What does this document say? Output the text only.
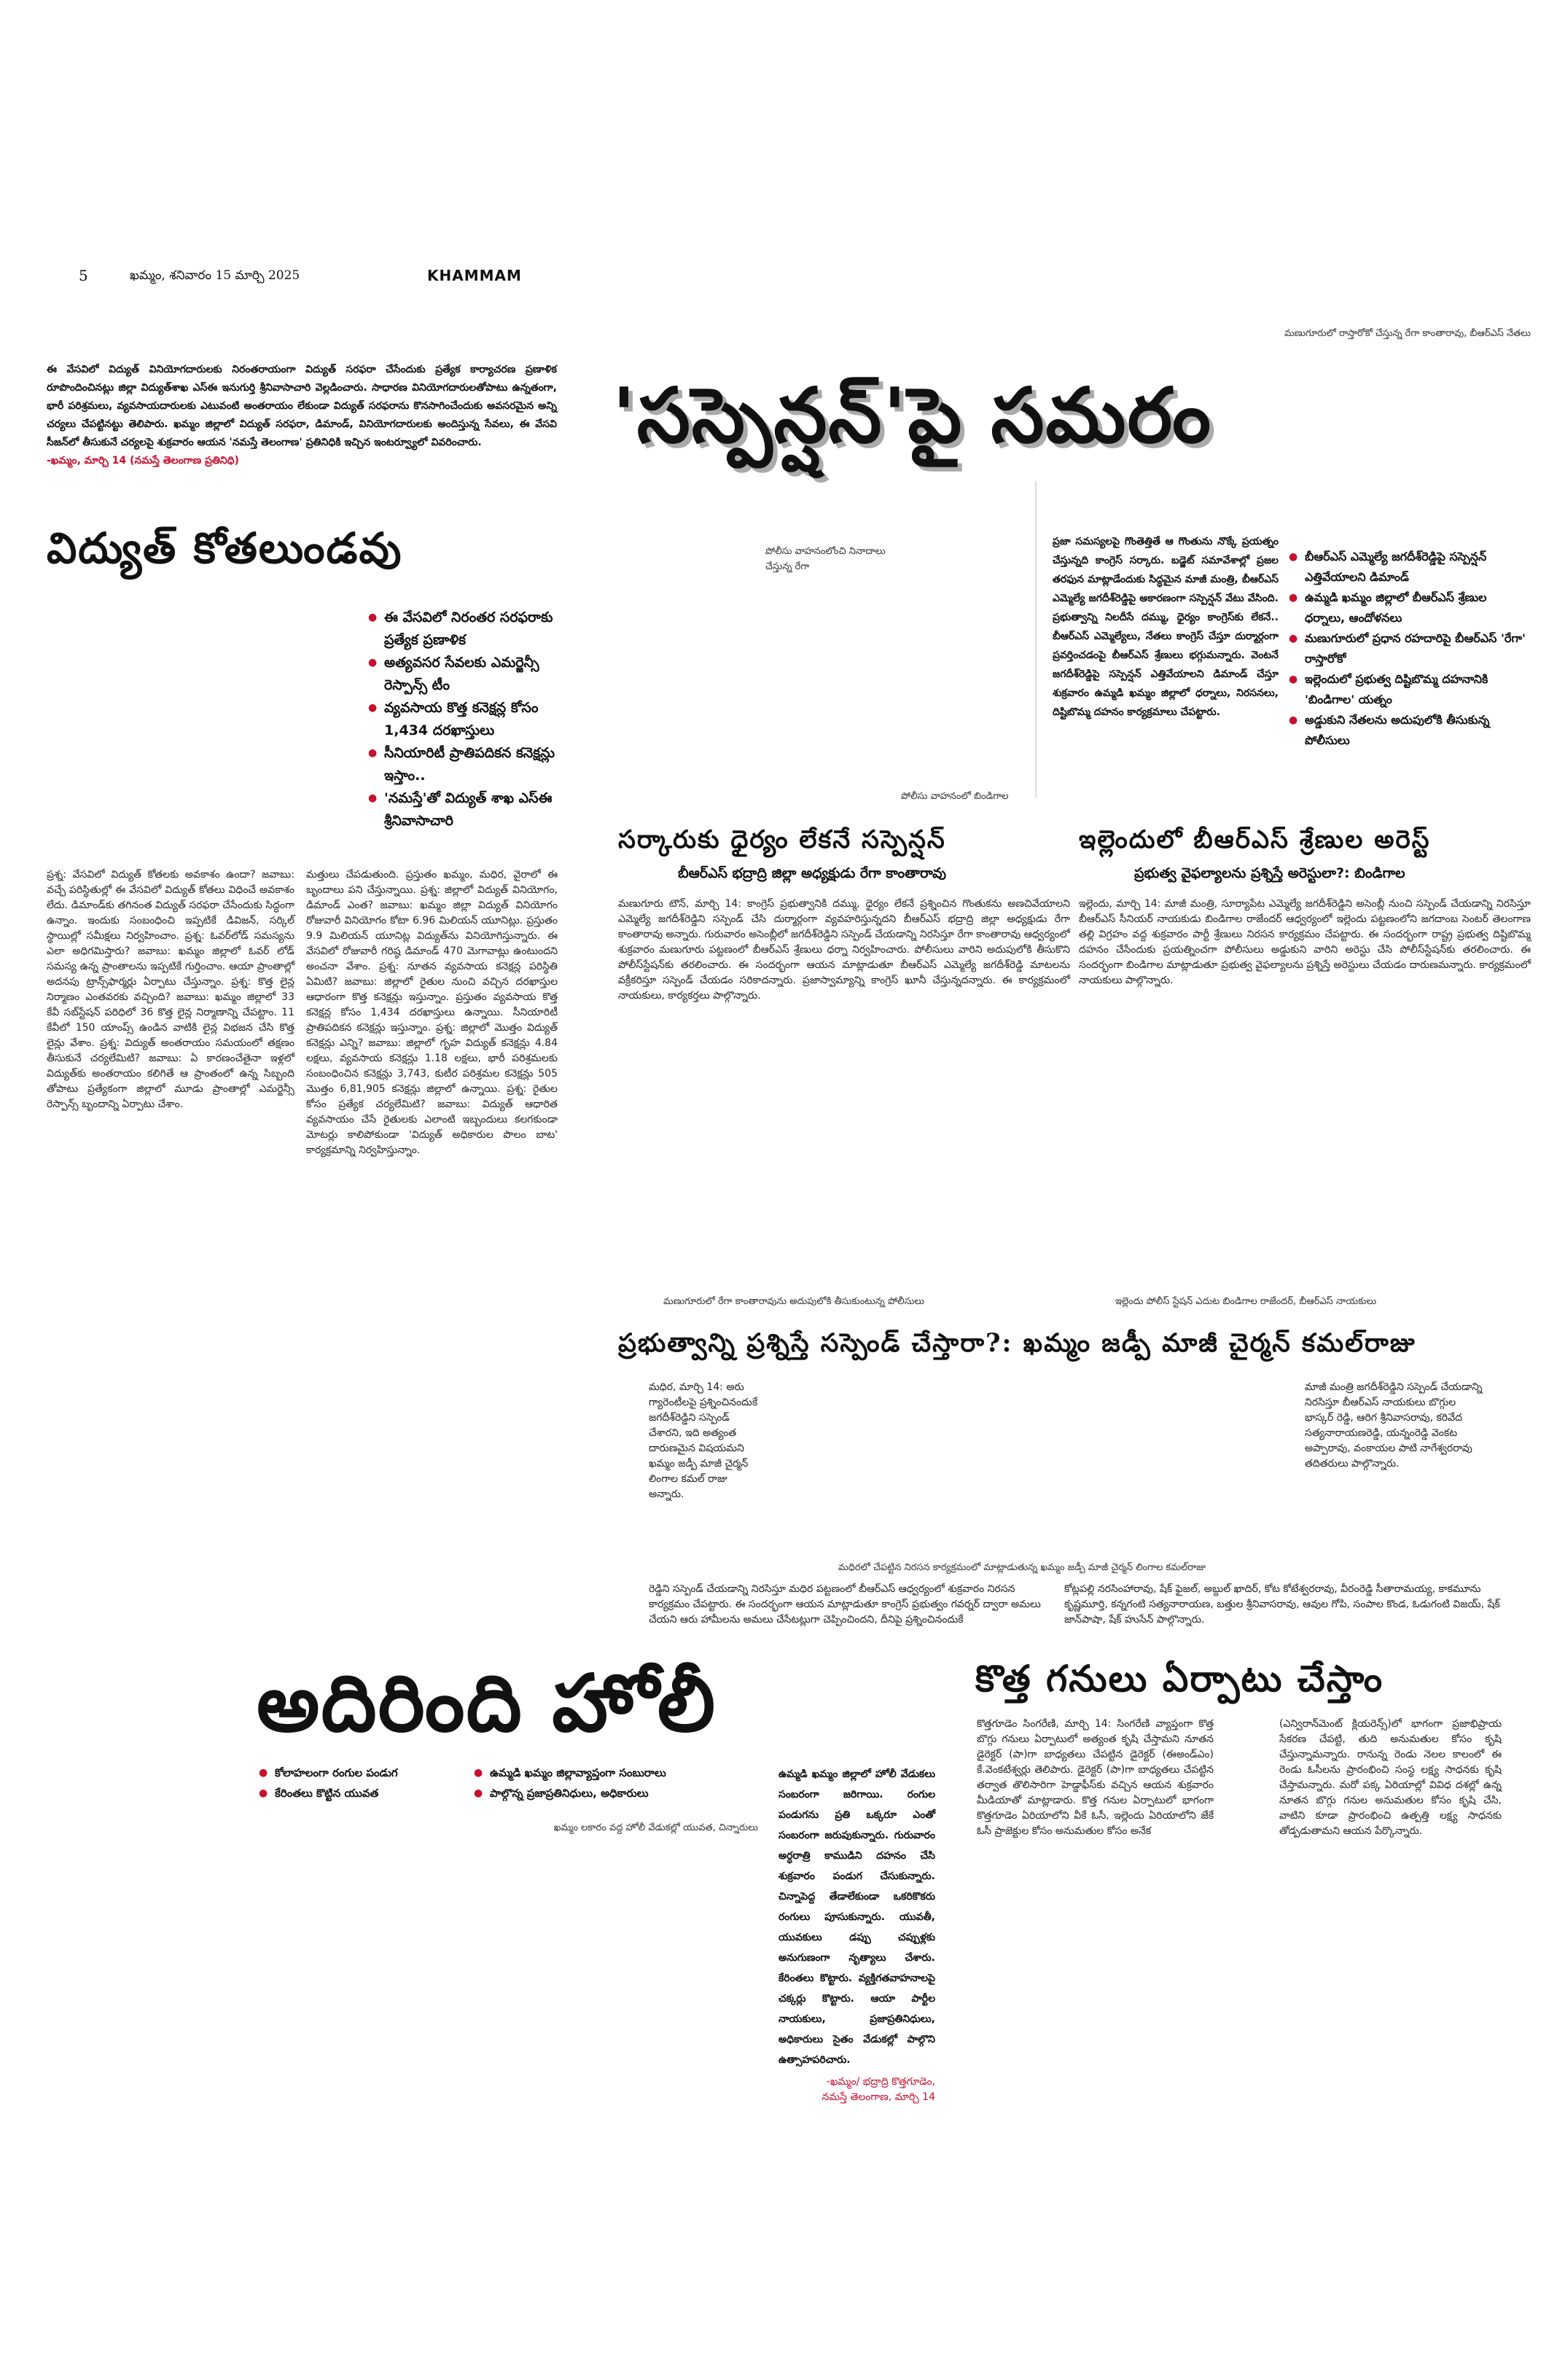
5	ఖమ్మం, శనివారం 15 మార్చి 2025	KHAMMAM

ఈ వేసవిలో విద్యుత్ వినియోగదారులకు నిరంతరాయంగా విద్యుత్ సరఫరా చేసేందుకు ప్రత్యేక కార్యాచరణ ప్రణాళిక రూపొందించినట్లు జిల్లా విద్యుత్‌శాఖ ఎస్ఈ ఇనుగుర్తి శ్రీనివాసాచారి వెల్లడించారు. సాధారణ వినియోగదారులతోపాటు ఉన్నతంగా, భారీ పరిశ్రమలు, వ్యవసాయదారులకు ఎటువంటి అంతరాయం లేకుండా విద్యుత్ సరఫరాను కొనసాగించేందుకు అవసరమైన అన్ని చర్యలు చేపట్టినట్టు తెలిపారు. ఖమ్మం జిల్లాలో విద్యుత్ సరఫరా, డిమాండ్, వినియోగదారులకు అందిస్తున్న సేవలు, ఈ వేసవి సీజన్‌లో తీసుకునే చర్యలపై శుక్రవారం ఆయన 'నమస్తే తెలంగాణ' ప్రతినిధికి ఇచ్చిన ఇంటర్వ్యూలో వివరించారు.

-ఖమ్మం, మార్చి 14 (నమస్తే తెలంగాణ ప్రతినిధి)

విద్యుత్ కోతలుండవు
● ఈ వేసవిలో నిరంతర సరఫరాకు ప్రత్యేక ప్రణాళిక
● అత్యవసర సేవలకు ఎమర్జెన్సీ రెస్పాన్స్ టీం
● వ్యవసాయ కొత్త కనెక్షన్ల కోసం 1,434 దరఖాస్తులు
● సీనియారిటీ ప్రాతిపదికన కనెక్షన్లు ఇస్తాం..
● 'నమస్తే'తో విద్యుత్ శాఖ ఎస్ఈ శ్రీనివాసాచారి

ప్రశ్న: వేసవిలో విద్యుత్ కోతలకు అవకాశం ఉందా? జవాబు: వచ్చే పరిస్థితుల్లో ఈ వేసవిలో విద్యుత్ కోతలు విధించే అవకాశం లేదు. డిమాండ్‌కు తగినంత విద్యుత్ సరఫరా చేసేందుకు సిద్ధంగా ఉన్నాం. ఇందుకు సంబంధించి ఇప్పటికే డివిజన్, సర్కిల్ స్థాయిల్లో సమీక్షలు నిర్వహించాం. ప్రశ్న: ఓవర్‌లోడ్ సమస్యను ఎలా అధిగమిస్తారు? జవాబు: ఖమ్మం జిల్లాలో ఓవర్ లోడ్ సమస్య ఉన్న ప్రాంతాలను ఇప్పటికే గుర్తించాం. ఆయా ప్రాంతాల్లో అదనపు ట్రాన్స్‌ఫార్మర్లు ఏర్పాటు చేస్తున్నాం. ప్రశ్న: కొత్త లైన్ల నిర్మాణం ఎంతవరకు వచ్చింది? జవాబు: ఖమ్మం జిల్లాలో 33 కేవీ సబ్‌స్టేషన్ పరిధిలో 36 కొత్త లైన్ల నిర్మాణాన్ని చేపట్టాం. 11 కేవీలో 150 యాంప్స్ ఉండిన వాటికి లైన్ల విభజన చేసి కొత్త లైన్లు వేశాం. ప్రశ్న: విద్యుత్ అంతరాయం సమయంలో తక్షణం తీసుకునే చర్యలేమిటి? జవాబు: ఏ కారణంచేతైనా ఇళ్లలో విద్యుత్‌కు అంతరాయం కలిగితే ఆ ప్రాంతంలో ఉన్న సిబ్బంది తోపాటు ప్రత్యేకంగా జిల్లాలో మూడు ప్రాంతాల్లో ఎమర్జెన్సీ రెస్పాన్స్ బృందాన్ని ఏర్పాటు చేశాం.

మత్తులు చేపడుతుంది. ప్రస్తుతం ఖమ్మం, మధిర, వైరాలో ఈ బృందాలు పని చేస్తున్నాయి. ప్రశ్న: జిల్లాలో విద్యుత్ వినియోగం, డిమాండ్ ఎంత? జవాబు: ఖమ్మం జిల్లా విద్యుత్ వినియోగం రోజువారీ వినియోగం కోటా 6.96 మిలియన్ యూనిట్లు. ప్రస్తుతం 9.9 మిలియన్ యూనిట్ల విద్యుత్‌ను వినియోగిస్తున్నారు. ఈ వేసవిలో రోజువారీ గరిష్ఠ డిమాండ్ 470 మెగావాట్లు ఉంటుందని అంచనా వేశాం. ప్రశ్న: నూతన వ్యవసాయ కనెక్షన్ల పరిస్థితి ఏమిటి? జవాబు: జిల్లాలో రైతుల నుంచి వచ్చిన దరఖాస్తుల ఆధారంగా కొత్త కనెక్షన్లు ఇస్తున్నాం. ప్రస్తుతం వ్యవసాయ కొత్త కనెక్షన్ల కోసం 1,434 దరఖాస్తులు ఉన్నాయి. సీనియారిటీ ప్రాతిపదికన కనెక్షన్లు ఇస్తున్నాం. ప్రశ్న: జిల్లాలో మొత్తం విద్యుత్ కనెక్షన్లు ఎన్ని? జవాబు: జిల్లాలో గృహ విద్యుత్ కనెక్షన్లు 4.84 లక్షలు, వ్యవసాయ కనెక్షన్లు 1.18 లక్షలు, భారీ పరిశ్రమలకు సంబంధించిన కనెక్షన్లు 3,743, కుటీర పరిశ్రమల కనెక్షన్లు 505 మొత్తం 6,81,905 కనెక్షన్లు జిల్లాలో ఉన్నాయి. ప్రశ్న: రైతుల కోసం ప్రత్యేక చర్యలేమిటి? జవాబు: విద్యుత్ ఆధారిత వ్యవసాయం చేసే రైతులకు ఎలాంటి ఇబ్బందులు కలగకుండా మోటర్లు కాలిపోకుండా 'విద్యుత్ అధికారుల పొలం బాట' కార్యక్రమాన్ని నిర్వహిస్తున్నాం.

మణుగూరులో రాస్తారోకో చేస్తున్న రేగా కాంతారావు, బీఆర్ఎస్ నేతలు
'సస్పెన్షన్'పై సమరం
పోలీసు వాహనంలోంచి నినాదాలు చేస్తున్న రేగా
పోలీసు వాహనంలో బిండిగాల

ప్రజా సమస్యలపై గొంతెత్తితే ఆ గొంతును నొక్కే ప్రయత్నం చేస్తున్నది కాంగ్రెస్ సర్కారు. బడ్జెట్ సమావేశాల్లో ప్రజల తరఫున మాట్లాడేందుకు సిద్ధమైన మాజీ మంత్రి, బీఆర్ఎస్ ఎమ్మెల్యే జగదీశ్‌రెడ్డిపై అకారణంగా సస్పెన్షన్ వేటు వేసింది. ప్రభుత్వాన్ని నిలదీసే దమ్ము, ధైర్యం కాంగ్రెస్‌కు లేకనే.. బీఆర్ఎస్ ఎమ్మెల్యేలు, నేతలు కాంగ్రెస్ చేస్తూ దుర్మార్గంగా ప్రవర్తించడంపై బీఆర్ఎస్ శ్రేణులు భగ్గుమన్నారు. వెంటనే జగదీశ్‌రెడ్డిపై సస్పెన్షన్ ఎత్తివేయాలని డిమాండ్ చేస్తూ శుక్రవారం ఉమ్మడి ఖమ్మం జిల్లాలో ధర్నాలు, నిరసనలు, దిష్టిబొమ్మ దహనం కార్యక్రమాలు చేపట్టారు.

● బీఆర్ఎస్ ఎమ్మెల్యే జగదీశ్‌రెడ్డిపై సస్పెన్షన్ ఎత్తివేయాలని డిమాండ్
● ఉమ్మడి ఖమ్మం జిల్లాలో బీఆర్ఎస్ శ్రేణుల ధర్నాలు, ఆందోళనలు
● మణుగూరులో ప్రధాన రహదారిపై బీఆర్ఎస్ 'రేగా' రాస్తారోకో
● ఇల్లెందులో ప్రభుత్వ దిష్టిబొమ్మ దహనానికి 'బిండిగాల' యత్నం
● అడ్డుకుని నేతలను అదుపులోకి తీసుకున్న పోలీసులు
సర్కారుకు ధైర్యం లేకనే సస్పెన్షన్
బీఆర్ఎస్ భద్రాద్రి జిల్లా అధ్యక్షుడు రేగా కాంతారావు

మణుగూరు టౌన్, మార్చి 14: కాంగ్రెస్ ప్రభుత్వానికి దమ్ము, ధైర్యం లేకనే ప్రశ్నించిన గొంతుకను అణచివేయాలని ఎమ్మెల్యే జగదీశ్‌రెడ్డిని సస్పెండ్ చేసి దుర్మార్గంగా వ్యవహరిస్తున్నదని బీఆర్ఎస్ భద్రాద్రి జిల్లా అధ్యక్షుడు రేగా కాంతారావు అన్నారు. గురువారం అసెంబ్లీలో జగదీశ్‌రెడ్డిని సస్పెండ్ చేయడాన్ని నిరసిస్తూ రేగా కాంతారావు ఆధ్వర్యంలో శుక్రవారం మణుగూరు పట్టణంలో బీఆర్ఎస్ శ్రేణులు ధర్నా నిర్వహించారు. పోలీసులు వారిని అదుపులోకి తీసుకొని పోలీస్‌స్టేషన్‌కు తరలించారు. ఈ సందర్భంగా ఆయన మాట్లాడుతూ బీఆర్ఎస్ ఎమ్మెల్యే జగదీశ్‌రెడ్డి మాటలను వక్రీకరిస్తూ సస్పెండ్ చేయడం సరికాదన్నారు. ప్రజాస్వామ్యాన్ని కాంగ్రెస్ ఖూనీ చేస్తున్నదన్నారు. ఈ కార్యక్రమంలో నాయకులు, కార్యకర్తలు పాల్గొన్నారు.

ఇల్లెందులో బీఆర్ఎస్ శ్రేణుల అరెస్ట్
ప్రభుత్వ వైఫల్యాలను ప్రశ్నిస్తే అరెస్టులా?: బిండిగాల

ఇల్లెందు, మార్చి 14: మాజీ మంత్రి, సూర్యాపేట ఎమ్మెల్యే జగదీశ్‌రెడ్డిని అసెంబ్లీ నుంచి సస్పెండ్ చేయడాన్ని నిరసిస్తూ బీఆర్ఎస్ సీనియర్ నాయకుడు బిండిగాల రాజేందర్ ఆధ్వర్యంలో ఇల్లెందు పట్టణంలోని జగదాంబ సెంటర్ తెలంగాణ తల్లి విగ్రహం వద్ద శుక్రవారం పార్టీ శ్రేణులు నిరసన కార్యక్రమం చేపట్టారు. ఈ సందర్భంగా రాష్ట్ర ప్రభుత్వ దిష్టిబొమ్మ దహనం చేసేందుకు ప్రయత్నించగా పోలీసులు అడ్డుకుని వారిని అరెస్టు చేసి పోలీస్‌స్టేషన్‌కు తరలించారు. ఈ సందర్భంగా బిండిగాల మాట్లాడుతూ ప్రభుత్వ వైఫల్యాలను ప్రశ్నిస్తే అరెస్టులు చేయడం దారుణమన్నారు. కార్యక్రమంలో నాయకులు పాల్గొన్నారు.

మణుగూరులో రేగా కాంతారావును అదుపులోకి తీసుకుంటున్న పోలీసులు	ఇల్లెందు పోలీస్ స్టేషన్ ఎదుట బిండిగాల రాజేందర్, బీఆర్ఎస్ నాయకులు
ప్రభుత్వాన్ని ప్రశ్నిస్తే సస్పెండ్ చేస్తారా?: ఖమ్మం జడ్పీ మాజీ చైర్మన్ కమల్‌రాజు

మధిర, మార్చి 14: అరు గ్యారెంటీలపై ప్రశ్నించినందుకే జగదీశ్‌రెడ్డిని సస్పెండ్ చేశారని, ఇది అత్యంత దారుణమైన విషయమని ఖమ్మం జడ్పీ మాజీ చైర్మన్ లింగాల కమల్ రాజు అన్నారు.

మాజీ మంత్రి జగదీశ్‌రెడ్డిని సస్పెండ్ చేయడాన్ని నిరసిస్తూ బీఆర్ఎస్ నాయకులు బొగ్గుల భాస్కర్ రెడ్డి, ఆరిగ శ్రీనివాసరావు, కరివేద సత్యనారాయణరెడ్డి, యన్నంరెడ్డి వెంకట అప్పారావు, వంకాయల పాటి నాగేశ్వరరావు తదితరులు పాల్గొన్నారు.

మధిరలో చేపట్టిన నిరసన కార్యక్రమంలో మాట్లాడుతున్న ఖమ్మం జడ్పీ మాజీ చైర్మన్ లింగాల కమల్‌రాజు

రెడ్డిని సస్పెండ్ చేయడాన్ని నిరసిస్తూ మధిర పట్టణంలో బీఆర్ఎస్ ఆధ్వర్యంలో శుక్రవారం నిరసన కార్యక్రమం చేపట్టారు. ఈ సందర్భంగా ఆయన మాట్లాడుతూ కాంగ్రెస్ ప్రభుత్వం గవర్నర్ ద్వారా అమలు చేయని ఆరు హామీలను అమలు చేసేటట్లుగా చెప్పించిందని, దీనిపై ప్రశ్నించినందుకే

కోట్లపల్లి నరసింహారావు, షేక్ ఫైజల్, అబ్దుల్ ఖాదిర్, కోట కోటేశ్వరరావు, వీరంరెడ్డి సీతారామయ్య, కాకమూను కృష్ణమూర్తి, కన్నగంటి సత్యనారాయణ, బత్తుల శ్రీనివాసరావు, ఆవుల గోపి, సంపాల కొండ, ఓడుగంటి విజయ్, షేక్ జాన్‌పాషా, షేక్ హుసేన్ పాల్గొన్నారు.

అదిరింది హోలీ
● కోలాహలంగా రంగుల పండుగ
● కేరింతలు కొట్టిన యువత
● ఉమ్మడి ఖమ్మం జిల్లావ్యాప్తంగా సంబురాలు
● పాల్గొన్న ప్రజాప్రతినిధులు, అధికారులు
ఖమ్మం లకారం వద్ద హోలీ వేడుకల్లో యువత, చిన్నారులు

ఉమ్మడి ఖమ్మం జిల్లాలో హోలీ వేడుకలు సంబరంగా జరిగాయి. రంగుల పండుగను ప్రతి ఒక్కరూ ఎంతో సంబరంగా జరుపుకున్నారు. గురువారం అర్ధరాత్రి కాముడిని దహనం చేసి శుక్రవారం పండుగ చేసుకున్నారు. చిన్నాపెద్ద తేడాలేకుండా ఒకరికొకరు రంగులు పూసుకున్నారు. యువతీ, యువకులు డప్పు చప్పుళ్లకు అనుగుణంగా నృత్యాలు చేశారు. కేరింతలు కొట్టారు. వ్యక్తిగతవాహనాలపై చక్కర్లు కొట్టారు. ఆయా పార్టీల నాయకులు, ప్రజాప్రతినిధులు, అధికారులు సైతం వేడుకల్లో పాల్గొని ఉత్సాహపరిచారు.

-ఖమ్మం/ భద్రాద్రి కొత్తగూడెం,

నమస్తే తెలంగాణ, మార్చి 14

కొత్త గనులు ఏర్పాటు చేస్తాం

కొత్తగూడెం సింగరేణి, మార్చి 14: సింగరేణి వ్యాప్తంగా కొత్త బొగ్గు గనులు ఏర్పాటులో అత్యంత కృషి చేస్తామని నూతన డైరెక్టర్ (పా)గా బాధ్యతలు చేపట్టిన డైరెక్టర్ (ఈఅండ్‌ఎం) కే.వెంకటేశ్వర్లు తెలిపారు. డైరెక్టర్ (పా)గా బాధ్యతలు చేపట్టిన తర్వాత తొలిసారిగా హెడ్డాఫీస్‌కు వచ్చిన ఆయన శుక్రవారం మీడియాతో మాట్లాడారు. కొత్త గనుల ఏర్పాటులో భాగంగా కొత్తగూడెం ఏరియాలోని వీకే ఓసీ, ఇల్లెందు ఏరియాలోని జేకే ఓసీ ప్రాజెక్టుల కోసం అనుమతుల కోసం అనేక

(ఎన్విరాన్‌మెంట్ క్లియరెన్స్)లో భాగంగా ప్రజాభిప్రాయ సేకరణ చేపట్టి, తుది అనుమతుల కోసం కృషి చేస్తున్నామన్నారు. రానున్న రెండు నెలల కాలంలో ఈ రెండు ఓసీలను ప్రారంభించి సంస్థ లక్ష్య సాధనకు కృషి చేస్తామన్నారు. మరో పక్క ఏరియాల్లో వివిధ దశల్లో ఉన్న నూతన బొగ్గు గనుల అనుమతుల కోసం కృషి చేసి, వాటిని కూడా ప్రారంభించి ఉత్పత్తి లక్ష్య సాధనకు తోడ్పడుతామని ఆయన పేర్కొన్నారు.
